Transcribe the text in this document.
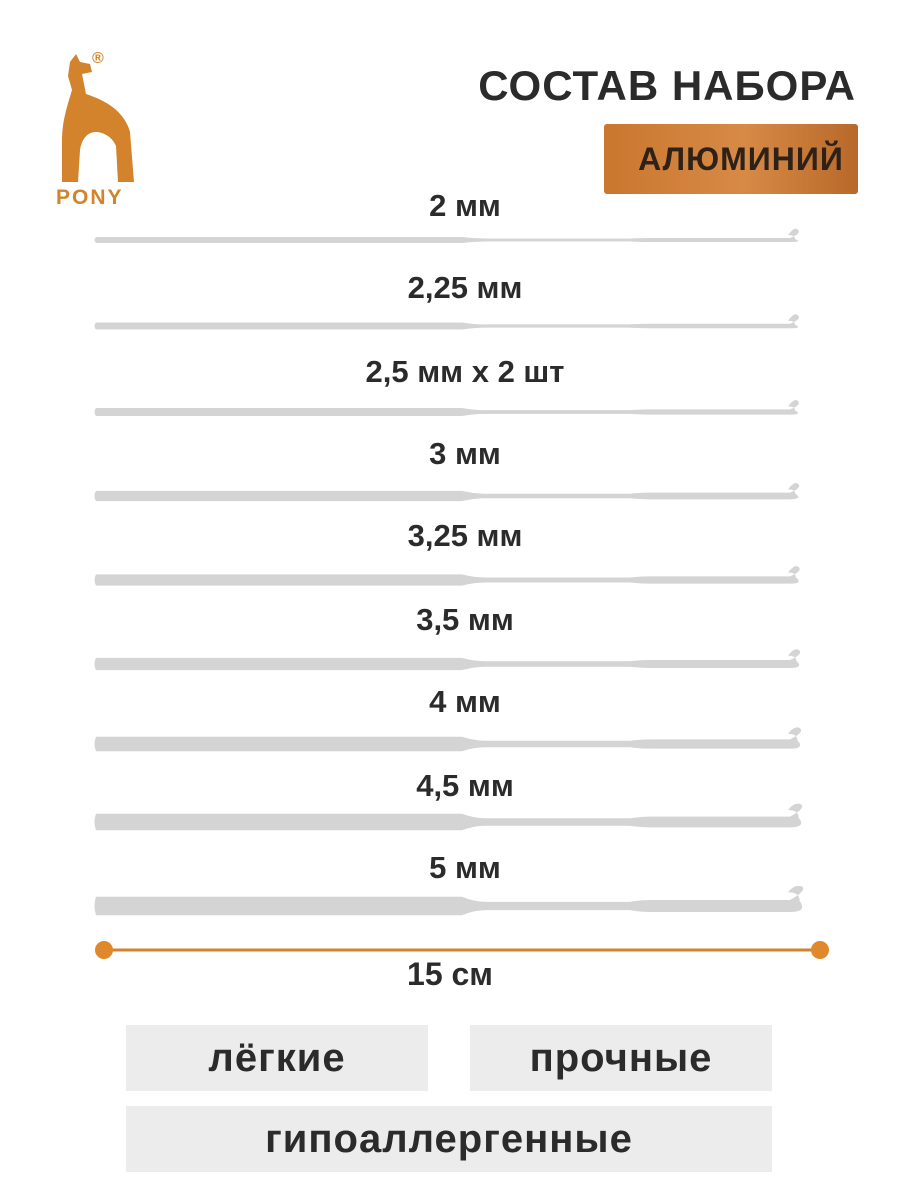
®
PONY
СОСТАВ НАБОРА
АЛЮМИНИЙ
2 мм
2,25 мм
2,5 мм х 2 шт
3 мм
3,25 мм
3,5 мм
4 мм
4,5 мм
5 мм
15 см
лёгкие	прочные
гипоаллергенные
